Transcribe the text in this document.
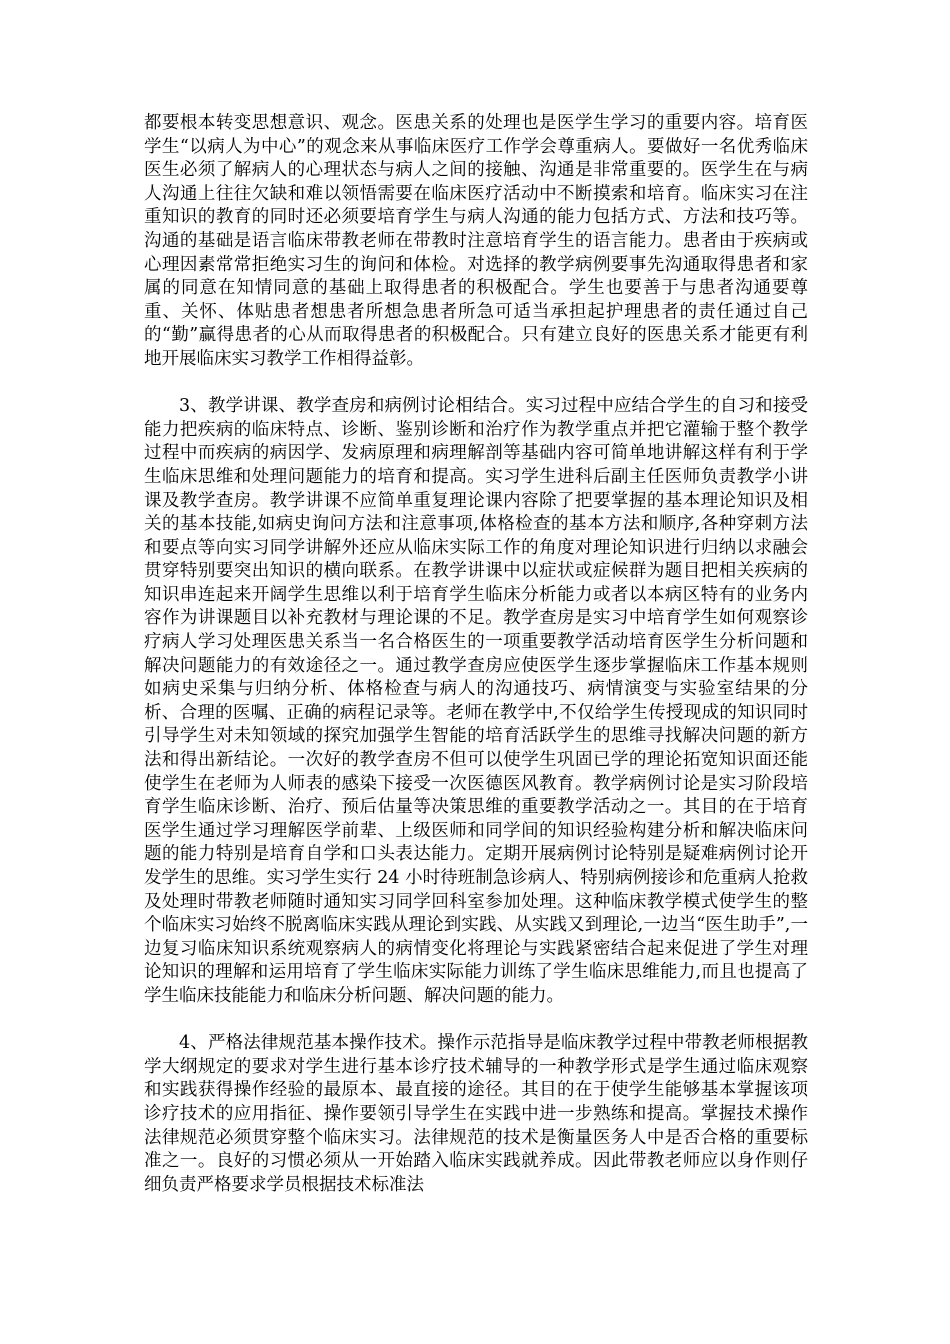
都要根本转变思想意识、观念。医患关系的处理也是医学生学习的重要内容。培育医学生“以病人为中心”的观念来从事临床医疗工作学会尊重病人。要做好一名优秀临床医生必须了解病人的心理状态与病人之间的接触、沟通是非常重要的。医学生在与病人沟通上往往欠缺和难以领悟需要在临床医疗活动中不断摸索和培育。临床实习在注重知识的教育的同时还必须要培育学生与病人沟通的能力包括方式、方法和技巧等。沟通的基础是语言临床带教老师在带教时注意培育学生的语言能力。患者由于疾病或心理因素常常拒绝实习生的询问和体检。对选择的教学病例要事先沟通取得患者和家属的同意在知情同意的基础上取得患者的积极配合。学生也要善于与患者沟通要尊重、关怀、体贴患者想患者所想急患者所急可适当承担起护理患者的责任通过自己的“勤”赢得患者的心从而取得患者的积极配合。只有建立良好的医患关系才能更有利地开展临床实习教学工作相得益彰。

3、教学讲课、教学查房和病例讨论相结合。实习过程中应结合学生的自习和接受能力把疾病的临床特点、诊断、鉴别诊断和治疗作为教学重点并把它灌输于整个教学过程中而疾病的病因学、发病原理和病理解剖等基础内容可简单地讲解这样有利于学生临床思维和处理问题能力的培育和提高。实习学生进科后副主任医师负责教学小讲课及教学查房。教学讲课不应简单重复理论课内容除了把要掌握的基本理论知识及相关的基本技能,如病史询问方法和注意事项,体格检查的基本方法和顺序,各种穿刺方法和要点等向实习同学讲解外还应从临床实际工作的角度对理论知识进行归纳以求融会贯穿特别要突出知识的横向联系。在教学讲课中以症状或症候群为题目把相关疾病的知识串连起来开阔学生思维以利于培育学生临床分析能力或者以本病区特有的业务内容作为讲课题目以补充教材与理论课的不足。教学查房是实习中培育学生如何观察诊疗病人学习处理医患关系当一名合格医生的一项重要教学活动培育医学生分析问题和解决问题能力的有效途径之一。通过教学查房应使医学生逐步掌握临床工作基本规则如病史采集与归纳分析、体格检查与病人的沟通技巧、病情演变与实验室结果的分析、合理的医嘱、正确的病程记录等。老师在教学中,不仅给学生传授现成的知识同时引导学生对未知领域的探究加强学生智能的培育活跃学生的思维寻找解决问题的新方法和得出新结论。一次好的教学查房不但可以使学生巩固已学的理论拓宽知识面还能使学生在老师为人师表的感染下接受一次医德医风教育。教学病例讨论是实习阶段培育学生临床诊断、治疗、预后估量等决策思维的重要教学活动之一。其目的在于培育医学生通过学习理解医学前辈、上级医师和同学间的知识经验构建分析和解决临床问题的能力特别是培育自学和口头表达能力。定期开展病例讨论特别是疑难病例讨论开发学生的思维。实习学生实行 24 小时待班制急诊病人、特别病例接诊和危重病人抢救及处理时带教老师随时通知实习同学回科室参加处理。这种临床教学模式使学生的整个临床实习始终不脱离临床实践从理论到实践、从实践又到理论,一边当“医生助手”,一边复习临床知识系统观察病人的病情变化将理论与实践紧密结合起来促进了学生对理论知识的理解和运用培育了学生临床实际能力训练了学生临床思维能力,而且也提高了学生临床技能能力和临床分析问题、解决问题的能力。

4、严格法律规范基本操作技术。操作示范指导是临床教学过程中带教老师根据教学大纲规定的要求对学生进行基本诊疗技术辅导的一种教学形式是学生通过临床观察和实践获得操作经验的最原本、最直接的途径。其目的在于使学生能够基本掌握该项诊疗技术的应用指征、操作要领引导学生在实践中进一步熟练和提高。掌握技术操作法律规范必须贯穿整个临床实习。法律规范的技术是衡量医务人中是否合格的重要标准之一。良好的习惯必须从一开始踏入临床实践就养成。因此带教老师应以身作则仔细负责严格要求学员根据技术标准法
